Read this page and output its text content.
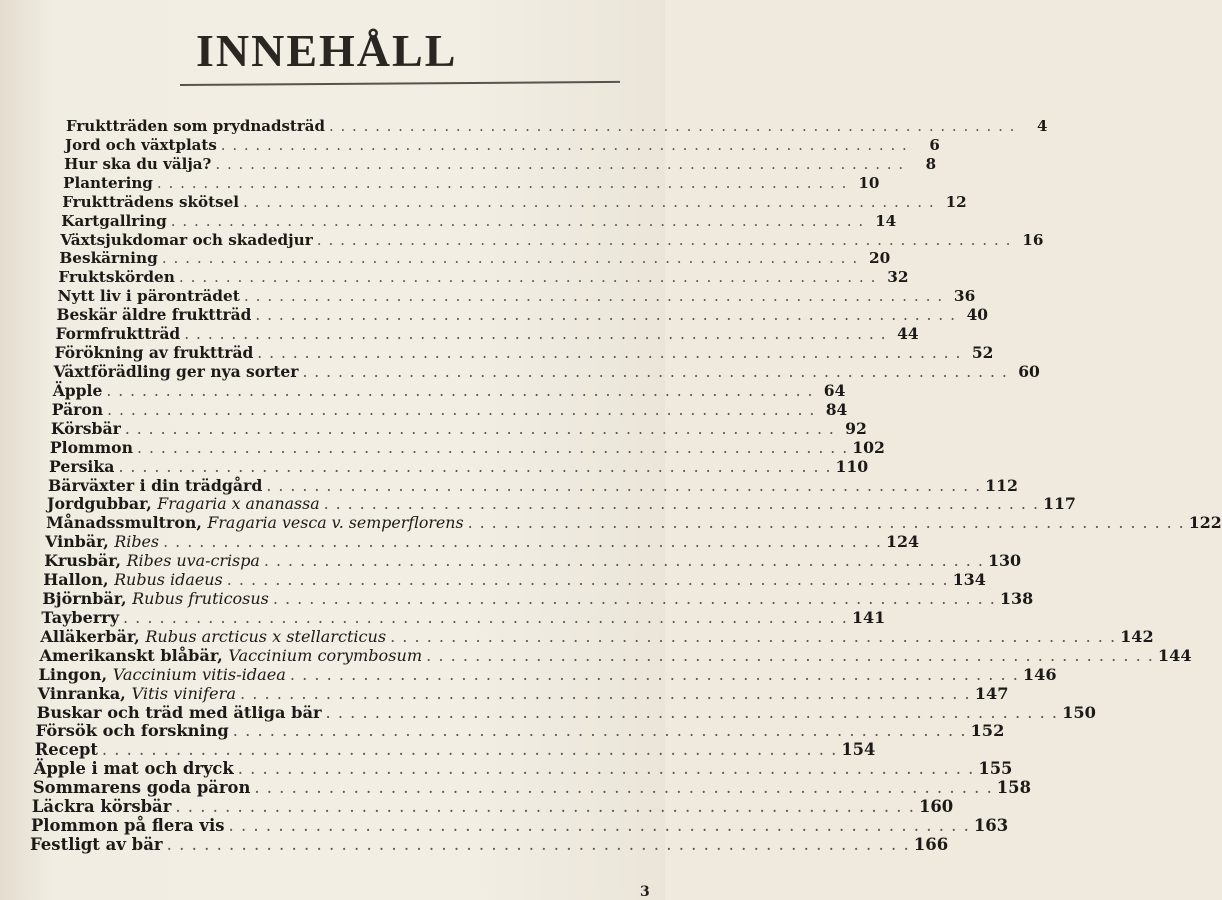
INNEHÅLL
Fruktträden som prydnadsträd . . . . . . . . . . . . . . . . . . . . . . . . . . . . . . . . . . . . . . . . . . . . . . . . . . . . . . . . . . . .	4
Jord och växtplats . . . . . . . . . . . . . . . . . . . . . . . . . . . . . . . . . . . . . . . . . . . . . . . . . . . . . . . . . . . .	6
Hur ska du välja? . . . . . . . . . . . . . . . . . . . . . . . . . . . . . . . . . . . . . . . . . . . . . . . . . . . . . . . . . . . .	8
Plantering . . . . . . . . . . . . . . . . . . . . . . . . . . . . . . . . . . . . . . . . . . . . . . . . . . . . . . . . . . . . 10
Fruktträdens skötsel . . . . . . . . . . . . . . . . . . . . . . . . . . . . . . . . . . . . . . . . . . . . . . . . . . . . . . . . . . . . 12
Kartgallring . . . . . . . . . . . . . . . . . . . . . . . . . . . . . . . . . . . . . . . . . . . . . . . . . . . . . . . . . . . . 14
Växtsjukdomar och skadedjur . . . . . . . . . . . . . . . . . . . . . . . . . . . . . . . . . . . . . . . . . . . . . . . . . . . . . . . . . . . . 16
Beskärning . . . . . . . . . . . . . . . . . . . . . . . . . . . . . . . . . . . . . . . . . . . . . . . . . . . . . . . . . . . . 20
Fruktskörden . . . . . . . . . . . . . . . . . . . . . . . . . . . . . . . . . . . . . . . . . . . . . . . . . . . . . . . . . . . . 32
Nytt liv i päronträdet . . . . . . . . . . . . . . . . . . . . . . . . . . . . . . . . . . . . . . . . . . . . . . . . . . . . . . . . . . . . 36
Beskär äldre fruktträd . . . . . . . . . . . . . . . . . . . . . . . . . . . . . . . . . . . . . . . . . . . . . . . . . . . . . . . . . . . . 40
Formfruktträd . . . . . . . . . . . . . . . . . . . . . . . . . . . . . . . . . . . . . . . . . . . . . . . . . . . . . . . . . . . . 44
Förökning av fruktträd . . . . . . . . . . . . . . . . . . . . . . . . . . . . . . . . . . . . . . . . . . . . . . . . . . . . . . . . . . . . 52
Växtförädling ger nya sorter . . . . . . . . . . . . . . . . . . . . . . . . . . . . . . . . . . . . . . . . . . . . . . . . . . . . . . . . . . . . 60
Äpple . . . . . . . . . . . . . . . . . . . . . . . . . . . . . . . . . . . . . . . . . . . . . . . . . . . . . . . . . . . . 64
Päron . . . . . . . . . . . . . . . . . . . . . . . . . . . . . . . . . . . . . . . . . . . . . . . . . . . . . . . . . . . . 84
Körsbär . . . . . . . . . . . . . . . . . . . . . . . . . . . . . . . . . . . . . . . . . . . . . . . . . . . . . . . . . . . . 92
Plommon . . . . . . . . . . . . . . . . . . . . . . . . . . . . . . . . . . . . . . . . . . . . . . . . . . . . . . . . . . . . 102
Persika . . . . . . . . . . . . . . . . . . . . . . . . . . . . . . . . . . . . . . . . . . . . . . . . . . . . . . . . . . . . 110
Bärväxter i din trädgård . . . . . . . . . . . . . . . . . . . . . . . . . . . . . . . . . . . . . . . . . . . . . . . . . . . . . . . . . . . . 112
Jordgubbar, Fragaria x ananassa . . . . . . . . . . . . . . . . . . . . . . . . . . . . . . . . . . . . . . . . . . . . . . . . . . . . . . . . . . . . 117
Månadssmultron, Fragaria vesca v. semperflorens . . . . . . . . . . . . . . . . . . . . . . . . . . . . . . . . . . . . . . . . . . . . . . . . . . . . . . . . . . . . 122
Vinbär, Ribes . . . . . . . . . . . . . . . . . . . . . . . . . . . . . . . . . . . . . . . . . . . . . . . . . . . . . . . . . . . . 124
Krusbär, Ribes uva-crispa . . . . . . . . . . . . . . . . . . . . . . . . . . . . . . . . . . . . . . . . . . . . . . . . . . . . . . . . . . . . 130
Hallon, Rubus idaeus . . . . . . . . . . . . . . . . . . . . . . . . . . . . . . . . . . . . . . . . . . . . . . . . . . . . . . . . . . . . 134
Björnbär, Rubus fruticosus . . . . . . . . . . . . . . . . . . . . . . . . . . . . . . . . . . . . . . . . . . . . . . . . . . . . . . . . . . . . 138
Tayberry . . . . . . . . . . . . . . . . . . . . . . . . . . . . . . . . . . . . . . . . . . . . . . . . . . . . . . . . . . . . 141
Alläkerbär, Rubus arcticus x stellarcticus . . . . . . . . . . . . . . . . . . . . . . . . . . . . . . . . . . . . . . . . . . . . . . . . . . . . . . . . . . . . 142
Amerikanskt blåbär, Vaccinium corymbosum . . . . . . . . . . . . . . . . . . . . . . . . . . . . . . . . . . . . . . . . . . . . . . . . . . . . . . . . . . . . 144
Lingon, Vaccinium vitis-idaea . . . . . . . . . . . . . . . . . . . . . . . . . . . . . . . . . . . . . . . . . . . . . . . . . . . . . . . . . . . . 146
Vinranka, Vitis vinifera . . . . . . . . . . . . . . . . . . . . . . . . . . . . . . . . . . . . . . . . . . . . . . . . . . . . . . . . . . . . 147
Buskar och träd med ätliga bär . . . . . . . . . . . . . . . . . . . . . . . . . . . . . . . . . . . . . . . . . . . . . . . . . . . . . . . . . . . . 150
Försök och forskning . . . . . . . . . . . . . . . . . . . . . . . . . . . . . . . . . . . . . . . . . . . . . . . . . . . . . . . . . . . . 152
Recept . . . . . . . . . . . . . . . . . . . . . . . . . . . . . . . . . . . . . . . . . . . . . . . . . . . . . . . . . . . . 154
Äpple i mat och dryck . . . . . . . . . . . . . . . . . . . . . . . . . . . . . . . . . . . . . . . . . . . . . . . . . . . . . . . . . . . . 155
Sommarens goda päron . . . . . . . . . . . . . . . . . . . . . . . . . . . . . . . . . . . . . . . . . . . . . . . . . . . . . . . . . . . . 158
Läckra körsbär . . . . . . . . . . . . . . . . . . . . . . . . . . . . . . . . . . . . . . . . . . . . . . . . . . . . . . . . . . . . 160
Plommon på flera vis . . . . . . . . . . . . . . . . . . . . . . . . . . . . . . . . . . . . . . . . . . . . . . . . . . . . . . . . . . . . 163
Festligt av bär . . . . . . . . . . . . . . . . . . . . . . . . . . . . . . . . . . . . . . . . . . . . . . . . . . . . . . . . . . . . 166
3
